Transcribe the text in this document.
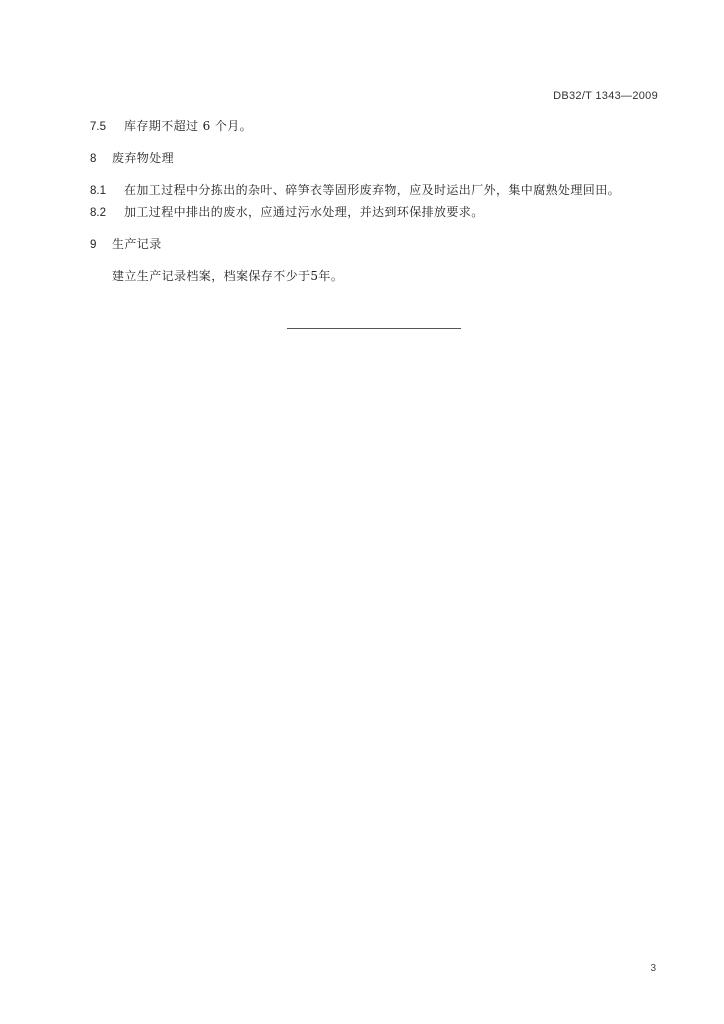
DB32/T 1343—2009
7.5 库存期不超过 6 个月。
8 废弃物处理
8.1 在加工过程中分拣出的杂叶、碎笋衣等固形废弃物，应及时运出厂外，集中腐熟处理回田。
8.2 加工过程中排出的废水，应通过污水处理，并达到环保排放要求。
9 生产记录
建立生产记录档案，档案保存不少于5年。
3
